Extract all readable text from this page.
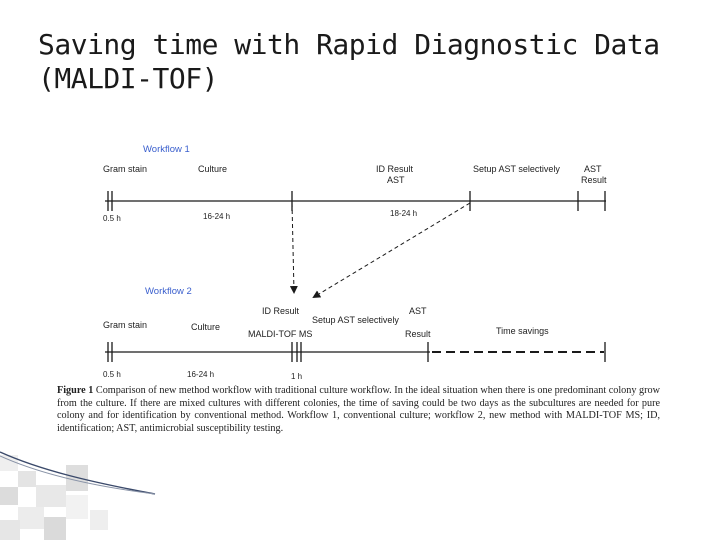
Saving time with Rapid Diagnostic Data
(MALDI-TOF)
Workflow 1
Gram stain	Culture	ID Result
AST
Setup AST selectively	AST
Result
0.5 h	16-24 h	18-24 h
Workflow 2
ID Result	AST
Setup AST selectively
Gram stain	Culture
MALDI-TOF MS	Result	Time savings
0.5 h	16-24 h	1 h
Figure 1 Comparison of new method workflow with traditional culture workflow. In the ideal situation when there is one predominant colony grow from the culture. If there are mixed cultures with different colonies, the time of saving could be two days as the subcultures are needed for pure colony and for identification by conventional method. Workflow 1, conventional culture; workflow 2, new method with MALDI-TOF MS; ID, identification; AST, antimicrobial susceptibility testing.
